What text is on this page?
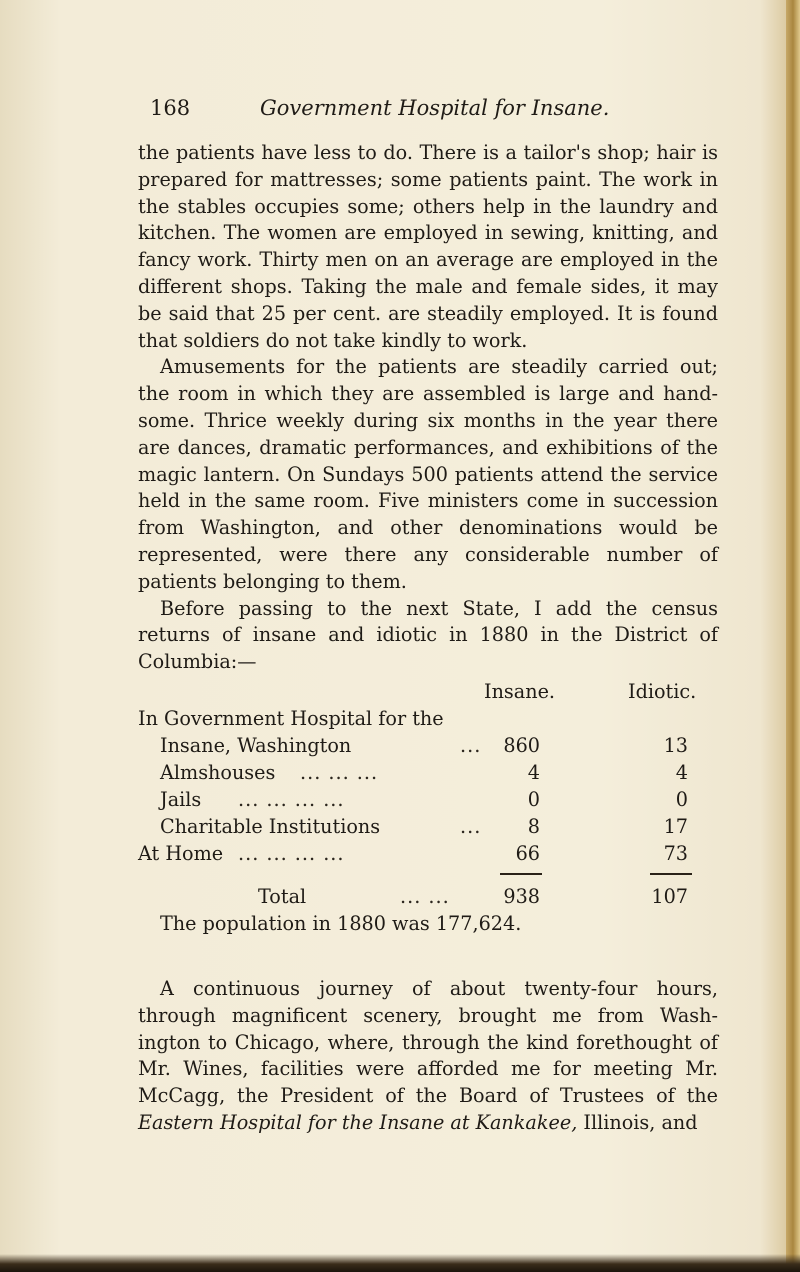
168	Government Hospital for Insane.

the patients have less to do. There is a tailor's shop; hair is prepared for mattresses; some patients paint. The work in the stables occupies some; others help in the laundry and kitchen. The women are employed in sewing, knitting, and fancy work. Thirty men on an average are employed in the different shops. Taking the male and female sides, it may be said that 25 per cent. are steadily employed. It is found that soldiers do not take kindly to work.

Amusements for the patients are steadily carried out; the room in which they are assembled is large and hand- some. Thrice weekly during six months in the year there are dances, dramatic performances, and exhibitions of the magic lantern. On Sundays 500 patients attend the service held in the same room. Five ministers come in succession from Washington, and other denominations would be represented, were there any considerable number of patients belonging to them.

Before passing to the next State, I add the census returns of insane and idiotic in 1880 in the District of Columbia:—

Insane.	Idiotic.
In Government Hospital for the
Insane, Washington	... 860	13
Almshouses ... ... ...	4	4
Jails ... ... ... ...	0	0
Charitable Institutions	... 8	17
At Home ... ... ... ...	66	73
Total	... ...	938	107
The population in 1880 was 177,624.

A continuous journey of about twenty-four hours, through magnificent scenery, brought me from Wash- ington to Chicago, where, through the kind forethought of Mr. Wines, facilities were afforded me for meeting Mr. McCagg, the President of the Board of Trustees of the Eastern Hospital for the Insane at Kankakee, Illinois, and
